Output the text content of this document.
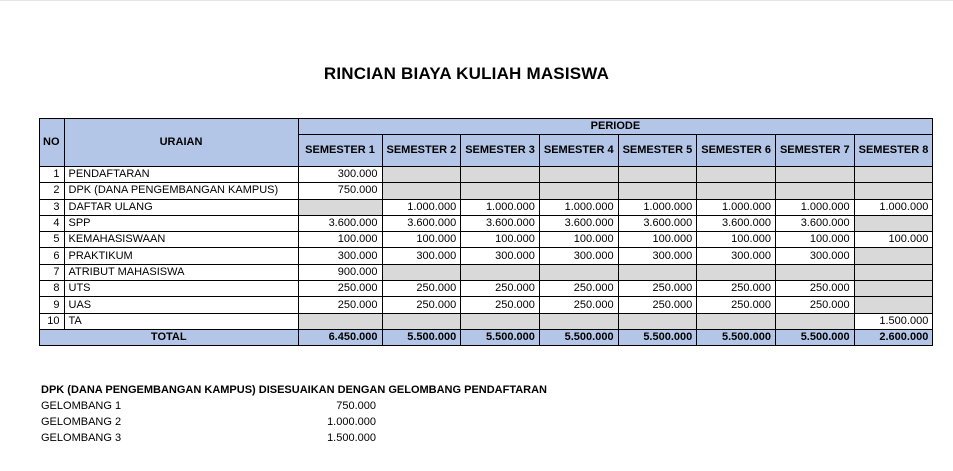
RINCIAN BIAYA KULIAH MASISWA
NO	URAIAN	PERIODE							
		SEMESTER 1	SEMESTER 2	SEMESTER 3	SEMESTER 4	SEMESTER 5	SEMESTER 6	SEMESTER 7	SEMESTER 8
1	PENDAFTARAN	300.000							
2	DPK (DANA PENGEMBANGAN KAMPUS)	750.000							
3	DAFTAR ULANG		1.000.000	1.000.000	1.000.000	1.000.000	1.000.000	1.000.000	1.000.000
4	SPP	3.600.000	3.600.000	3.600.000	3.600.000	3.600.000	3.600.000	3.600.000	
5	KEMAHASISWAAN	100.000	100.000	100.000	100.000	100.000	100.000	100.000	100.000
6	PRAKTIKUM	300.000	300.000	300.000	300.000	300.000	300.000	300.000	
7	ATRIBUT MAHASISWA	900.000							
8	UTS	250.000	250.000	250.000	250.000	250.000	250.000	250.000	
9	UAS	250.000	250.000	250.000	250.000	250.000	250.000	250.000	
10	TA								1.500.000
TOTAL		6.450.000	5.500.000	5.500.000	5.500.000	5.500.000	5.500.000	5.500.000	2.600.000
DPK (DANA PENGEMBANGAN KAMPUS) DISESUAIKAN DENGAN GELOMBANG PENDAFTARAN
GELOMBANG 1	750.000
GELOMBANG 2	1.000.000
GELOMBANG 3	1.500.000
